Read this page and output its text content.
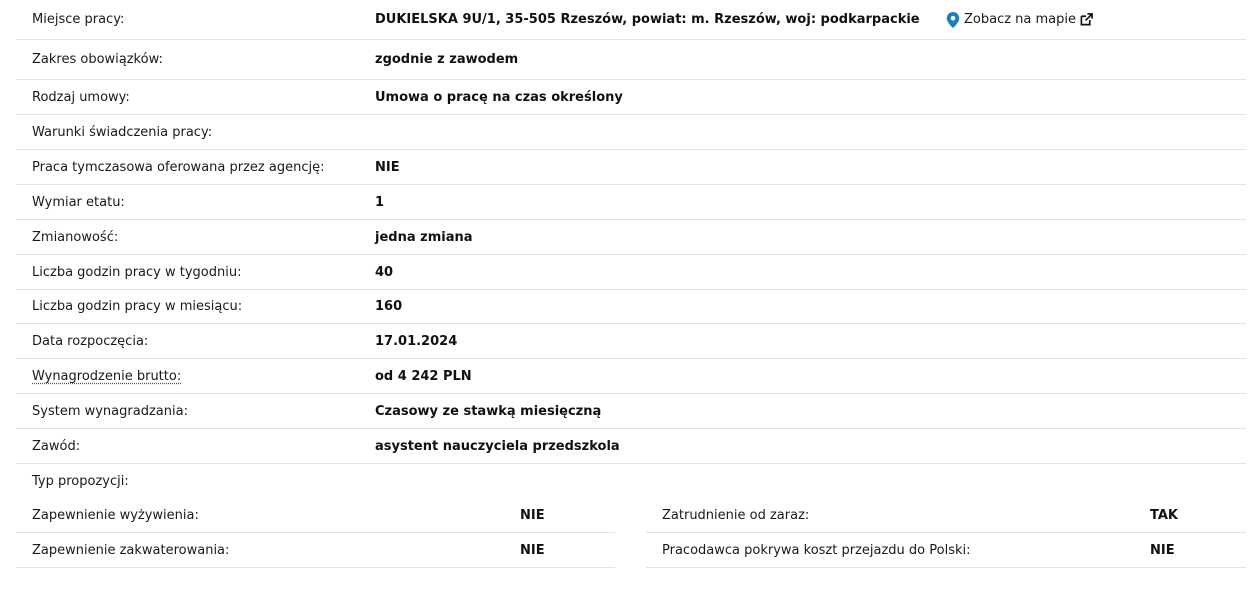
Miejsce pracy:	DUKIELSKA 9U/1, 35-505 Rzeszów, powiat: m. Rzeszów, woj: podkarpackie	Zobacz na mapie
Zakres obowiązków:	zgodnie z zawodem
Rodzaj umowy:	Umowa o pracę na czas określony
Warunki świadczenia pracy:
Praca tymczasowa oferowana przez agencję:	NIE
Wymiar etatu:	1
Zmianowość:	jedna zmiana
Liczba godzin pracy w tygodniu:	40
Liczba godzin pracy w miesiącu:	160
Data rozpoczęcia:	17.01.2024
Wynagrodzenie brutto:	od 4 242 PLN
System wynagradzania:	Czasowy ze stawką miesięczną
Zawód:	asystent nauczyciela przedszkola
Typ propozycji:
Zapewnienie wyżywienia:	NIE
Zapewnienie zakwaterowania:	NIE
Zatrudnienie od zaraz:	TAK
Pracodawca pokrywa koszt przejazdu do Polski:	NIE
